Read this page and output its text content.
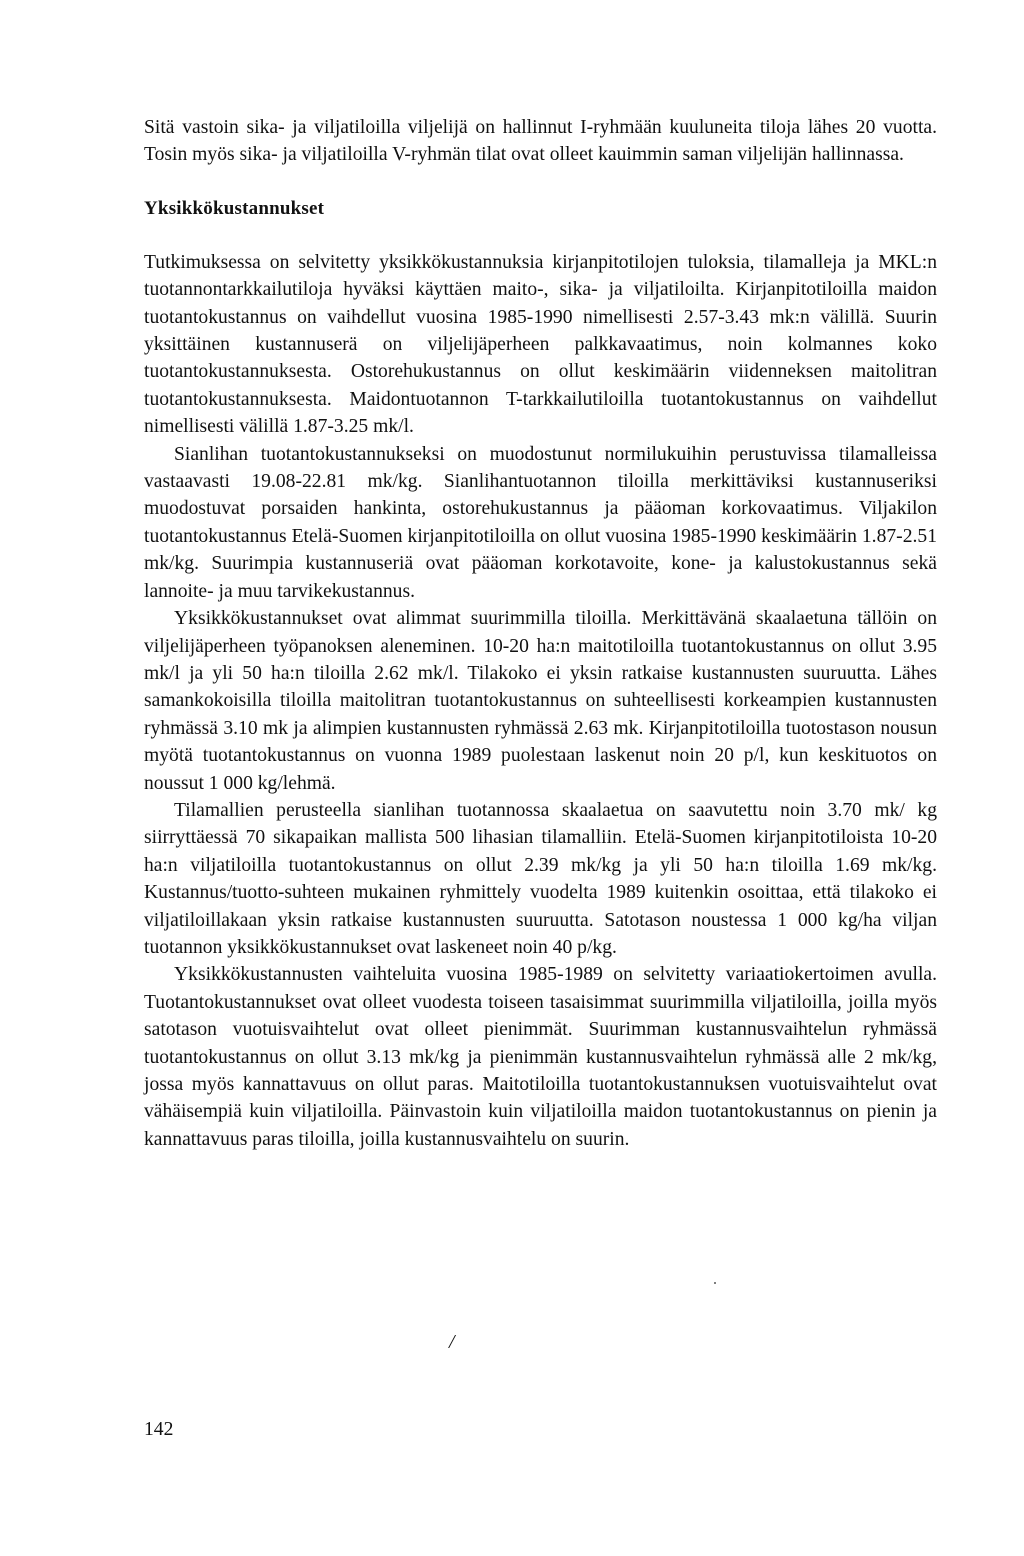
Sitä vastoin sika- ja viljatiloilla viljelijä on hallinnut I-ryhmään kuuluneita tiloja lähes 20 vuotta. Tosin myös sika- ja viljatiloilla V-ryhmän tilat ovat olleet kauimmin saman viljelijän hallinnassa.

Yksikkökustannukset

Tutkimuksessa on selvitetty yksikkökustannuksia kirjanpitotilojen tuloksia, tilamalleja ja MKL:n tuotannontarkkailutiloja hyväksi käyttäen maito-, sika- ja viljatiloilta. Kirjanpitotiloilla maidon tuotantokustannus on vaihdellut vuosina 1985-1990 nimellisesti 2.57-3.43 mk:n välillä. Suurin yksittäinen kustannuserä on viljelijäperheen palkkavaatimus, noin kolmannes koko tuotantokustannuksesta. Ostorehukustannus on ollut keskimäärin viidenneksen maitolitran tuotantokustannuksesta. Maidontuotannon T-tarkkailutiloilla tuotantokustannus on vaihdellut nimellisesti välillä 1.87-3.25 mk/l.

Sianlihan tuotantokustannukseksi on muodostunut normilukuihin perustuvissa tilamalleissa vastaavasti 19.08-22.81 mk/kg. Sianlihantuotannon tiloilla merkittäviksi kustannuseriksi muodostuvat porsaiden hankinta, ostorehukustannus ja pääoman korkovaatimus. Viljakilon tuotantokustannus Etelä-Suomen kirjanpitotiloilla on ollut vuosina 1985-1990 keskimäärin 1.87-2.51 mk/kg. Suurimpia kustannuseriä ovat pääoman korkotavoite, kone- ja kalustokustannus sekä lannoite- ja muu tarvikekustannus.

Yksikkökustannukset ovat alimmat suurimmilla tiloilla. Merkittävänä skaalaetuna tällöin on viljelijäperheen työpanoksen aleneminen. 10-20 ha:n maitotiloilla tuotantokustannus on ollut 3.95 mk/l ja yli 50 ha:n tiloilla 2.62 mk/l. Tilakoko ei yksin ratkaise kustannusten suuruutta. Lähes samankokoisilla tiloilla maitolitran tuotantokustannus on suhteellisesti korkeampien kustannusten ryhmässä 3.10 mk ja alimpien kustannusten ryhmässä 2.63 mk. Kirjanpitotiloilla tuotostason nousun myötä tuotantokustannus on vuonna 1989 puolestaan laskenut noin 20 p/l, kun keskituotos on noussut 1 000 kg/lehmä.

Tilamallien perusteella sianlihan tuotannossa skaalaetua on saavutettu noin 3.70 mk/ kg siirryttäessä 70 sikapaikan mallista 500 lihasian tilamalliin. Etelä-Suomen kirjanpitotiloista 10-20 ha:n viljatiloilla tuotantokustannus on ollut 2.39 mk/kg ja yli 50 ha:n tiloilla 1.69 mk/kg. Kustannus/tuotto-suhteen mukainen ryhmittely vuodelta 1989 kuitenkin osoittaa, että tilakoko ei viljatiloillakaan yksin ratkaise kustannusten suuruutta. Satotason noustessa 1 000 kg/ha viljan tuotannon yksikkökustannukset ovat laskeneet noin 40 p/kg.

Yksikkökustannusten vaihteluita vuosina 1985-1989 on selvitetty variaatiokertoimen avulla. Tuotantokustannukset ovat olleet vuodesta toiseen tasaisimmat suurimmilla viljatiloilla, joilla myös satotason vuotuisvaihtelut ovat olleet pienimmät. Suurimman kustannusvaihtelun ryhmässä tuotantokustannus on ollut 3.13 mk/kg ja pienimmän kustannusvaihtelun ryhmässä alle 2 mk/kg, jossa myös kannattavuus on ollut paras. Maitotiloilla tuotantokustannuksen vuotuisvaihtelut ovat vähäisempiä kuin viljatiloilla. Päinvastoin kuin viljatiloilla maidon tuotantokustannus on pienin ja kannattavuus paras tiloilla, joilla kustannusvaihtelu on suurin.

/
142
